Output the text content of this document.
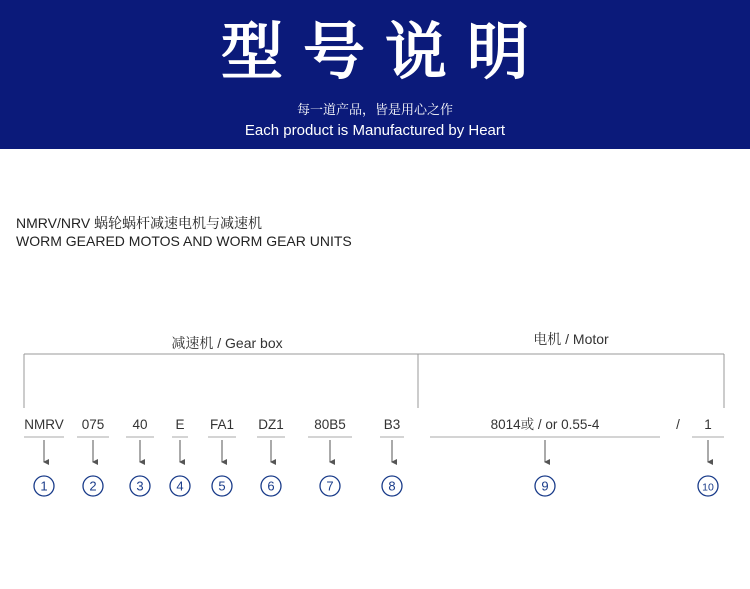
型号说明
每一道产品，皆是用心之作
Each product is Manufactured by Heart
NMRV/NRV 蜗轮蜗杆减速电机与减速机
WORM GEARED MOTOS AND WORM GEAR UNITS
减速机 / Gear box	电机 / Motor
/
NMRV
1
075
2
40
3
E
4
FA1
5
DZ1
6
80B5
7
B3
8
8014或 / or 0.55-4
9
1
10
